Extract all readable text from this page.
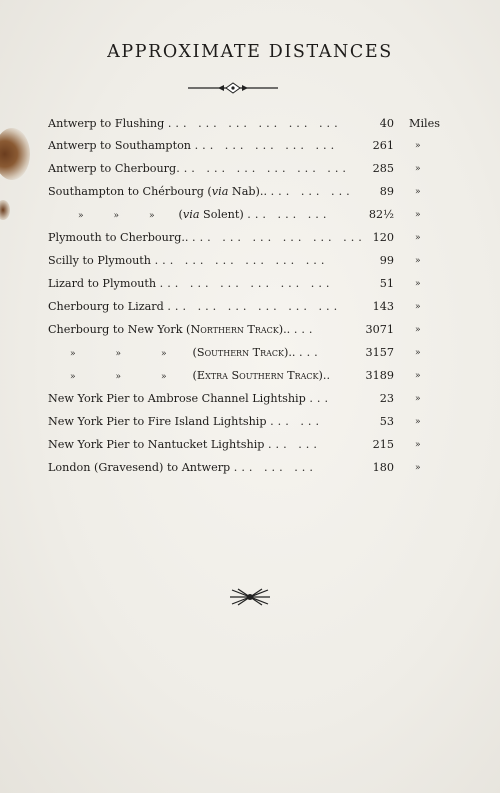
APPROXIMATE DISTANCES
Antwerp to Flushing ... ... ... ... ... ...	40 Miles
Antwerp to Southampton ... ... ... ... ...	261 »
Antwerp to Cherbourg... ... ... ... ... ...	285 »
Southampton to Chérbourg (via Nab).. ... ... ...	89 »
»	»	» (via Solent) ... ... ...	82½ »
Plymouth to Cherbourg.. ... ... ... ... ... ... 120 »
Scilly to Plymouth ... ... ... ... ... ...	99 »
Lizard to Plymouth ... ... ... ... ... ...	51 »
Cherbourg to Lizard ... ... ... ... ... ...	143 »
Cherbourg to New York (Northern Track).. ...	3071 »
»	»	» (Southern Track).. ...	3157 »
»	»	» (Extra Southern Track)..	3189 »
New York Pier to Ambrose Channel Lightship ...	23 »
New York Pier to Fire Island Lightship ... ...	53 »
New York Pier to Nantucket Lightship ... ...	215 »
London (Gravesend) to Antwerp ... ... ...	180 »
